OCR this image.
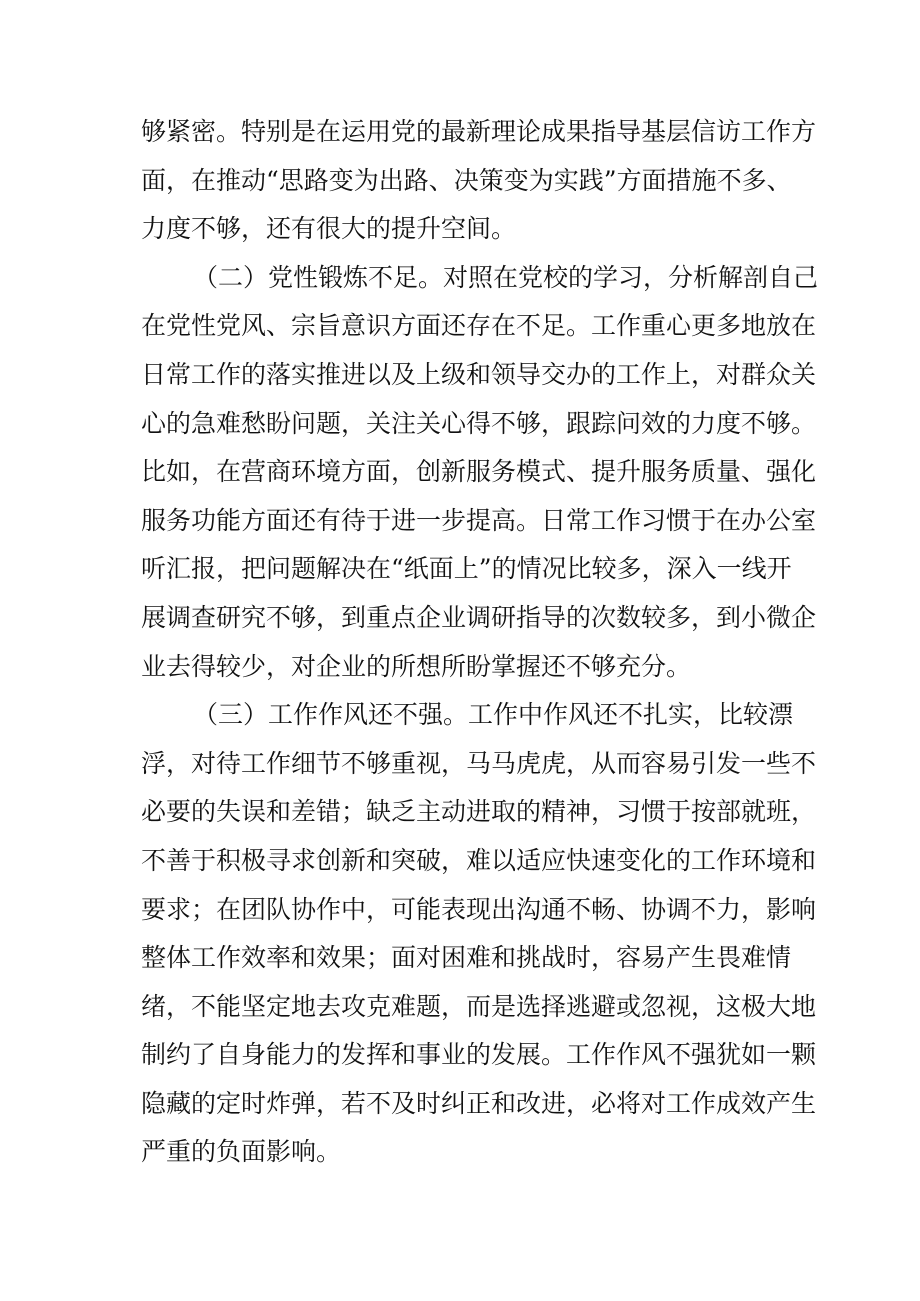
够紧密。特别是在运用党的最新理论成果指导基层信访工作方
面，在推动“思路变为出路、决策变为实践”方面措施不多、
力度不够，还有很大的提升空间。
（二）党性锻炼不足。对照在党校的学习，分析解剖自己
在党性党风、宗旨意识方面还存在不足。工作重心更多地放在
日常工作的落实推进以及上级和领导交办的工作上，对群众关
心的急难愁盼问题，关注关心得不够，跟踪问效的力度不够。
比如，在营商环境方面，创新服务模式、提升服务质量、强化
服务功能方面还有待于进一步提高。日常工作习惯于在办公室
听汇报，把问题解决在“纸面上”的情况比较多，深入一线开
展调查研究不够，到重点企业调研指导的次数较多，到小微企
业去得较少，对企业的所想所盼掌握还不够充分。
（三）工作作风还不强。工作中作风还不扎实，比较漂
浮，对待工作细节不够重视，马马虎虎，从而容易引发一些不
必要的失误和差错；缺乏主动进取的精神，习惯于按部就班，
不善于积极寻求创新和突破，难以适应快速变化的工作环境和
要求；在团队协作中，可能表现出沟通不畅、协调不力，影响
整体工作效率和效果；面对困难和挑战时，容易产生畏难情
绪，不能坚定地去攻克难题，而是选择逃避或忽视，这极大地
制约了自身能力的发挥和事业的发展。工作作风不强犹如一颗
隐藏的定时炸弹，若不及时纠正和改进，必将对工作成效产生
严重的负面影响。
